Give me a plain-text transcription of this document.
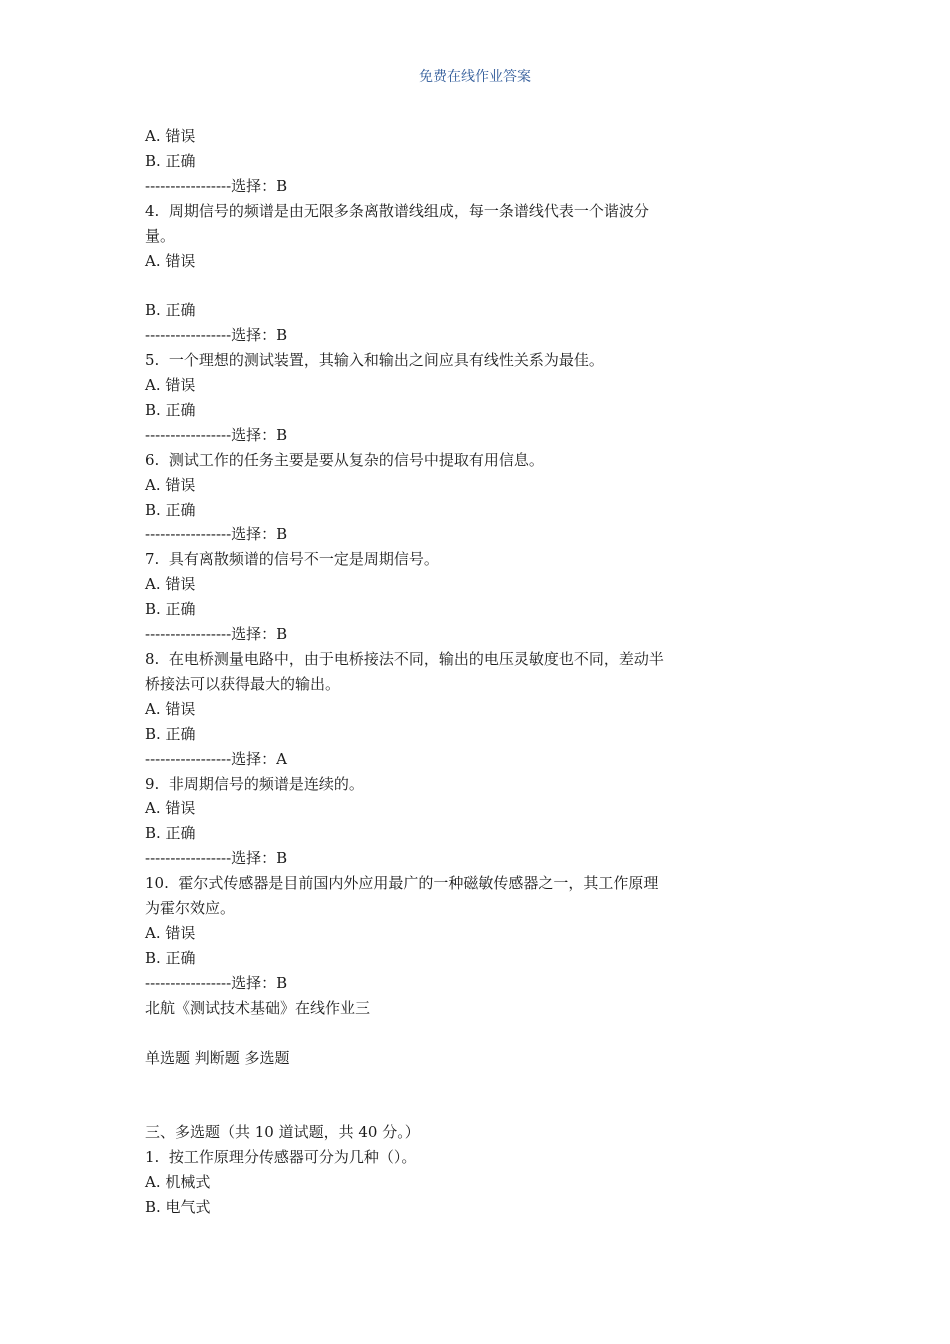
免费在线作业答案

A. 错误

B. 正确

-----------------选择：B

4.  周期信号的频谱是由无限多条离散谱线组成，每一条谱线代表一个谐波分

量。

A. 错误

B. 正确

-----------------选择：B

5.  一个理想的测试装置，其输入和输出之间应具有线性关系为最佳。

A. 错误

B. 正确

-----------------选择：B

6.  测试工作的任务主要是要从复杂的信号中提取有用信息。

A. 错误

B. 正确

-----------------选择：B

7.  具有离散频谱的信号不一定是周期信号。

A. 错误

B. 正确

-----------------选择：B

8.  在电桥测量电路中，由于电桥接法不同，输出的电压灵敏度也不同，差动半

桥接法可以获得最大的输出。

A. 错误

B. 正确

-----------------选择：A

9.  非周期信号的频谱是连续的。

A. 错误

B. 正确

-----------------选择：B

10.  霍尔式传感器是目前国内外应用最广的一种磁敏传感器之一，其工作原理

为霍尔效应。

A. 错误

B. 正确

-----------------选择：B

北航《测试技术基础》在线作业三

单选题 判断题 多选题

三、多选题（共 10 道试题，共 40 分。）

1.  按工作原理分传感器可分为几种（）。

A. 机械式

B. 电气式
